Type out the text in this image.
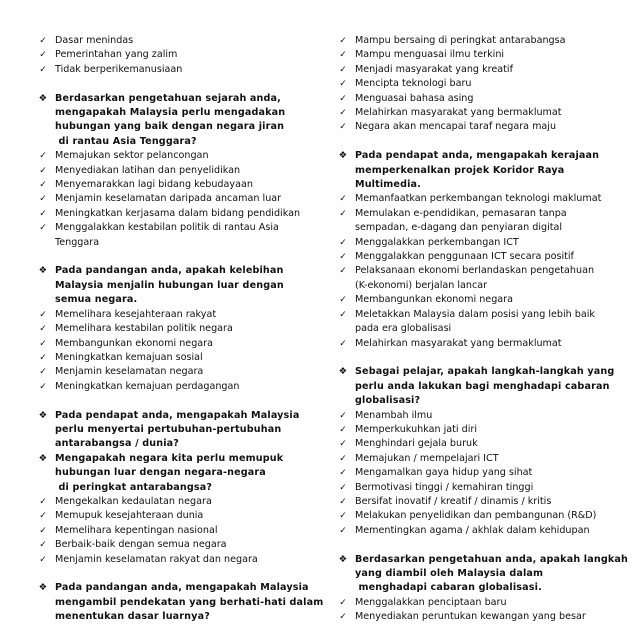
✓ Dasar menindas
✓ Pemerintahan yang zalim
✓ Tidak berperikemanusiaan
❖ Berdasarkan pengetahuan sejarah anda,
mengapakah Malaysia perlu mengadakan
hubungan yang baik dengan negara jiran
di rantau Asia Tenggara?
✓ Memajukan sektor pelancongan
✓ Menyediakan latihan dan penyelidikan
✓ Menyemarakkan lagi bidang kebudayaan
✓ Menjamin keselamatan daripada ancaman luar
✓ Meningkatkan kerjasama dalam bidang pendidikan
✓ Menggalakkan kestabilan politik di rantau Asia
Tenggara
❖ Pada pandangan anda, apakah kelebihan
Malaysia menjalin hubungan luar dengan
semua negara.
✓ Memelihara kesejahteraan rakyat
✓ Memelihara kestabilan politik negara
✓ Membangunkan ekonomi negara
✓ Meningkatkan kemajuan sosial
✓ Menjamin keselamatan negara
✓ Meningkatkan kemajuan perdagangan
❖ Pada pendapat anda, mengapakah Malaysia
perlu menyertai pertubuhan-pertubuhan
antarabangsa / dunia?
❖ Mengapakah negara kita perlu memupuk
hubungan luar dengan negara-negara
di peringkat antarabangsa?
✓ Mengekalkan kedaulatan negara
✓ Memupuk kesejahteraan dunia
✓ Memelihara kepentingan nasional
✓ Berbaik-baik dengan semua negara
✓ Menjamin keselamatan rakyat dan negara
❖ Pada pandangan anda, mengapakah Malaysia
mengambil pendekatan yang berhati-hati dalam
menentukan dasar luarnya?
✓ Mampu bersaing di peringkat antarabangsa
✓ Mampu menguasai ilmu terkini
✓ Menjadi masyarakat yang kreatif
✓ Mencipta teknologi baru
✓ Menguasai bahasa asing
✓ Melahirkan masyarakat yang bermaklumat
✓ Negara akan mencapai taraf negara maju
❖ Pada pendapat anda, mengapakah kerajaan
memperkenalkan projek Koridor Raya
Multimedia.
✓ Memanfaatkan perkembangan teknologi maklumat
✓ Memulakan e-pendidikan, pemasaran tanpa
sempadan, e-dagang dan penyiaran digital
✓ Menggalakkan perkembangan ICT
✓ Menggalakkan penggunaan ICT secara positif
✓ Pelaksanaan ekonomi berlandaskan pengetahuan
(K-ekonomi) berjalan lancar
✓ Membangunkan ekonomi negara
✓ Meletakkan Malaysia dalam posisi yang lebih baik
pada era globalisasi
✓ Melahirkan masyarakat yang bermaklumat
❖ Sebagai pelajar, apakah langkah-langkah yang
perlu anda lakukan bagi menghadapi cabaran
globalisasi?
✓ Menambah ilmu
✓ Memperkukuhkan jati diri
✓ Menghindari gejala buruk
✓ Memajukan / mempelajari ICT
✓ Mengamalkan gaya hidup yang sihat
✓ Bermotivasi tinggi / kemahiran tinggi
✓ Bersifat inovatif / kreatif / dinamis / kritis
✓ Melakukan penyelidikan dan pembangunan (R&D)
✓ Mementingkan agama / akhlak dalam kehidupan
❖ Berdasarkan pengetahuan anda, apakah langkah
yang diambil oleh Malaysia dalam
menghadapi cabaran globalisasi.
✓ Menggalakkan penciptaan baru
✓ Menyediakan peruntukan kewangan yang besar
